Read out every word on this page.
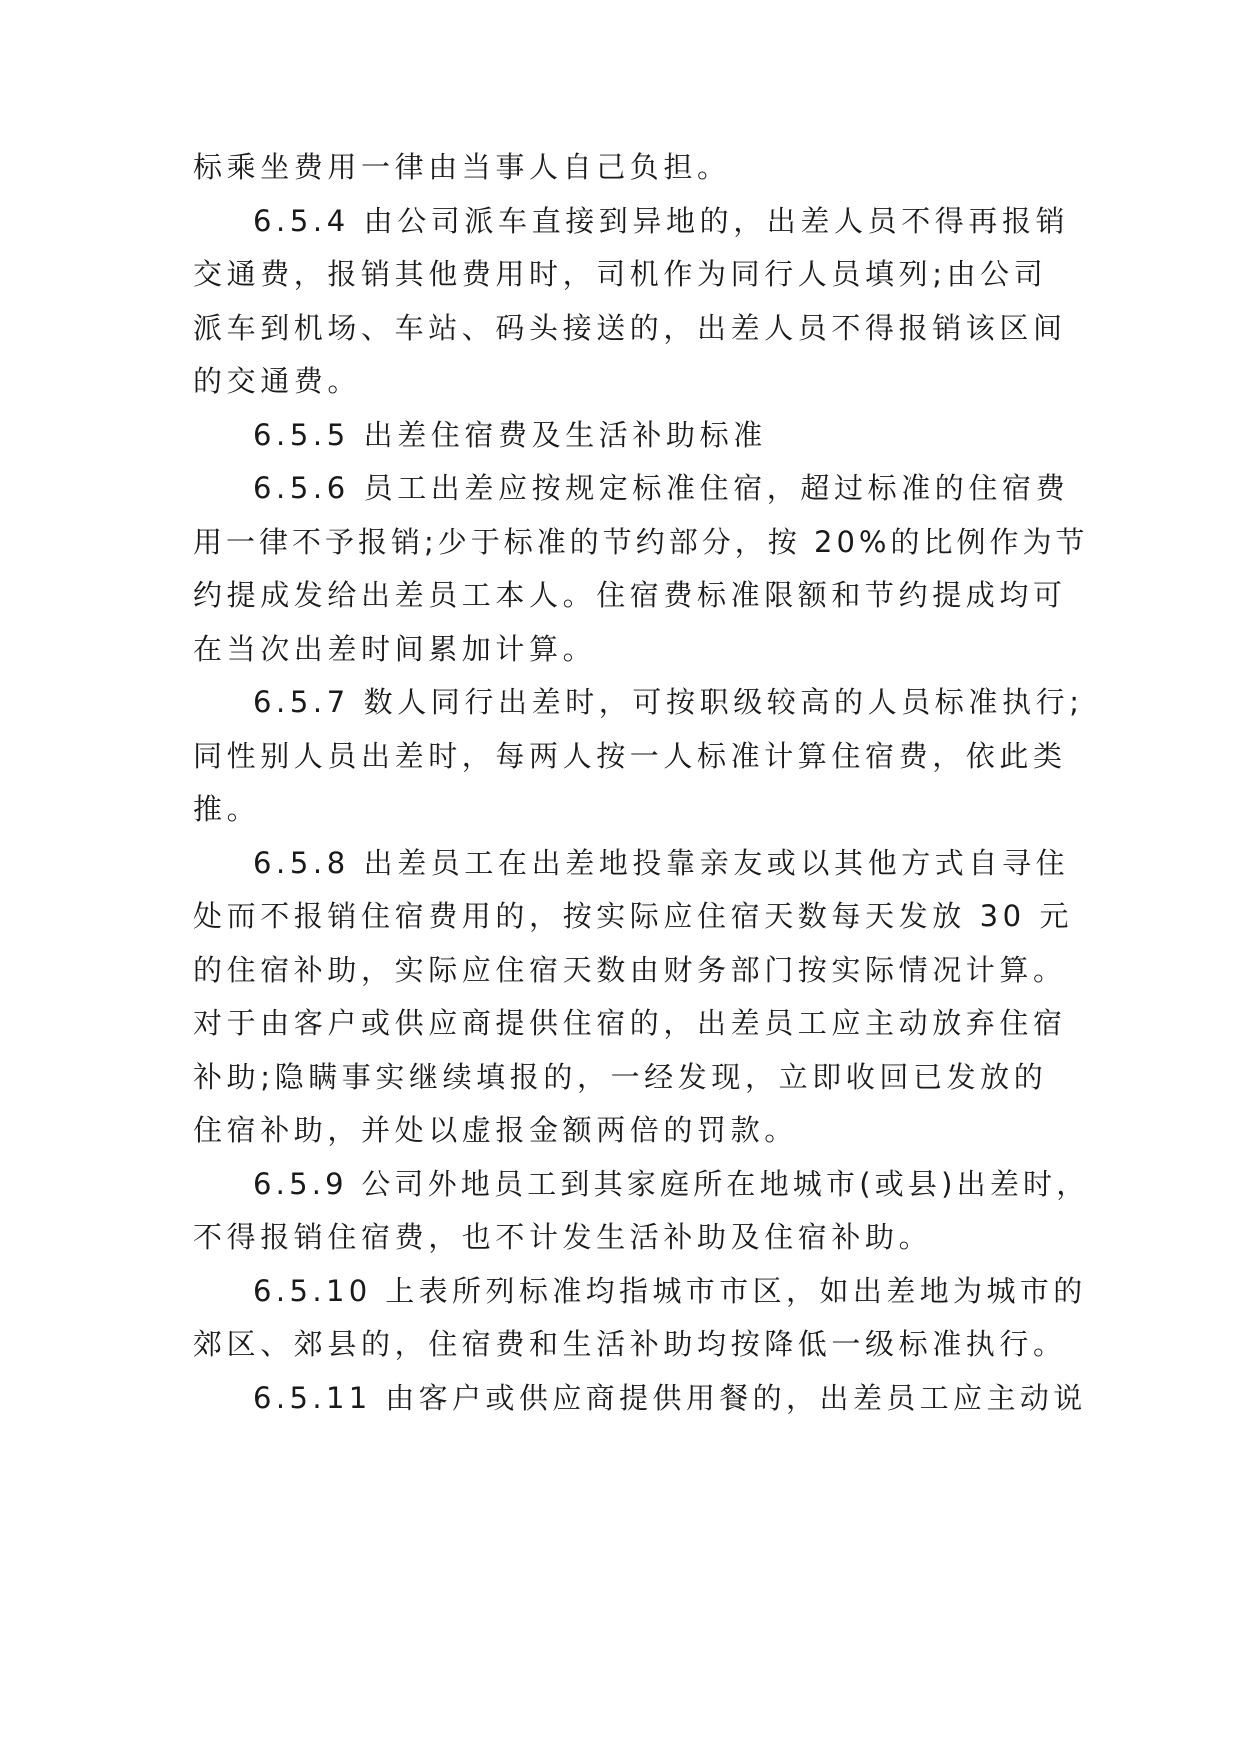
标乘坐费用一律由当事人自己负担。
6.5.4 由公司派车直接到异地的，出差人员不得再报销
交通费，报销其他费用时，司机作为同行人员填列;由公司
派车到机场、车站、码头接送的，出差人员不得报销该区间
的交通费。
6.5.5 出差住宿费及生活补助标准
6.5.6 员工出差应按规定标准住宿，超过标准的住宿费
用一律不予报销;少于标准的节约部分，按 20%的比例作为节
约提成发给出差员工本人。住宿费标准限额和节约提成均可
在当次出差时间累加计算。
6.5.7 数人同行出差时，可按职级较高的人员标准执行;
同性别人员出差时，每两人按一人标准计算住宿费，依此类
推。
6.5.8 出差员工在出差地投靠亲友或以其他方式自寻住
处而不报销住宿费用的，按实际应住宿天数每天发放 30 元
的住宿补助，实际应住宿天数由财务部门按实际情况计算。
对于由客户或供应商提供住宿的，出差员工应主动放弃住宿
补助;隐瞒事实继续填报的，一经发现，立即收回已发放的
住宿补助，并处以虚报金额两倍的罚款。
6.5.9 公司外地员工到其家庭所在地城市(或县)出差时，
不得报销住宿费，也不计发生活补助及住宿补助。
6.5.10 上表所列标准均指城市市区，如出差地为城市的
郊区、郊县的，住宿费和生活补助均按降低一级标准执行。
6.5.11 由客户或供应商提供用餐的，出差员工应主动说
